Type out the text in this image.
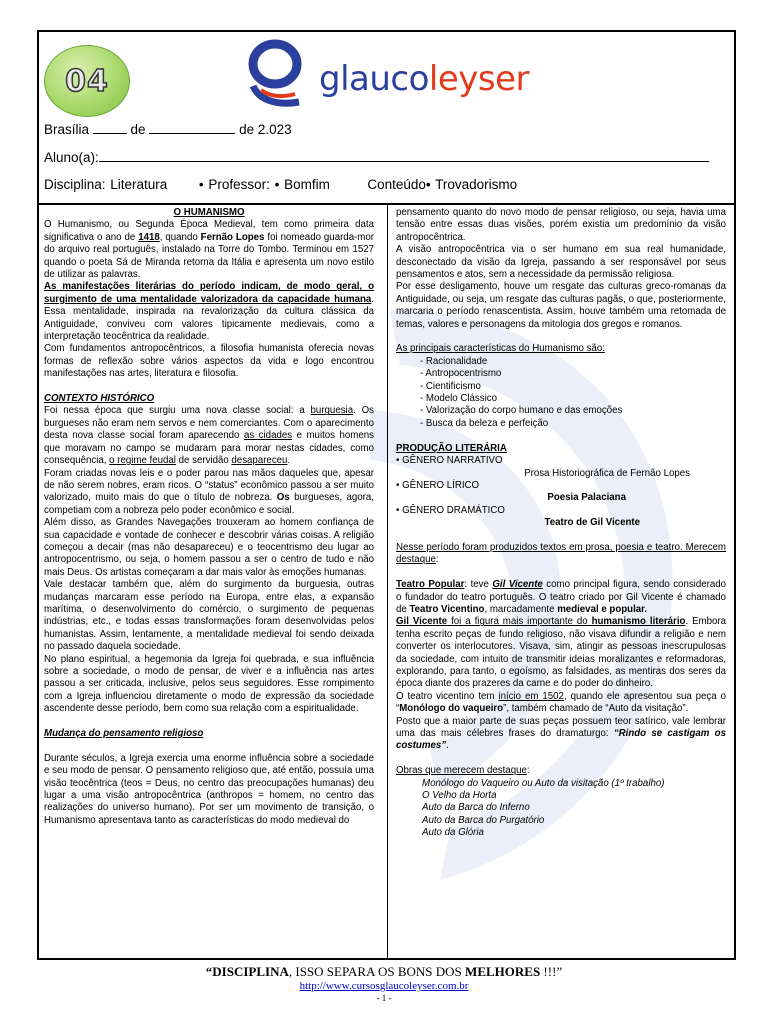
04	glaucoleyser
Brasília	de	de 2.023
Aluno(a):
Disciplina: Literatura • Professor: • Bomfim	Conteúdo• Trovadorismo

O HUMANISMO

O Humanismo, ou Segunda Época Medieval, tem como primeira data significativa o ano de 1418, quando Fernão Lopes foi nomeado guarda-mor do arquivo real português, instalado na Torre do Tombo. Terminou em 1527 quando o poeta Sá de Miranda retorna da Itália e apresenta um novo estilo de utilizar as palavras.

As manifestações literárias do período indicam, de modo geral, o surgimento de uma mentalidade valorizadora da capacidade humana. Essa mentalidade, inspirada na revalorização da cultura clássica da Antiguidade, conviveu com valores tipicamente medievais, como a interpretação teocêntrica da realidade.

Com fundamentos antropocêntricos, a filosofia humanista oferecia novas formas de reflexão sobre vários aspectos da vida e logo encontrou manifestações nas artes, literatura e filosofia.

CONTEXTO HISTÓRICO

Foi nessa época que surgiu uma nova classe social: a burguesia. Os burgueses não eram nem servos e nem comerciantes. Com o aparecimento desta nova classe social foram aparecendo as cidades e muitos homens que moravam no campo se mudaram para morar nestas cidades, como consequência, o regime feudal de servidão desapareceu.

Foram criadas novas leis e o poder parou nas mãos daqueles que, apesar de não serem nobres, eram ricos. O “status” econômico passou a ser muito valorizado, muito mais do que o título de nobreza. Os burgueses, agora, competiam com a nobreza pelo poder econômico e social.

Além disso, as Grandes Navegações trouxeram ao homem confiança de sua capacidade e vontade de conhecer e descobrir várias coisas. A religião começou a decair (mas não desapareceu) e o teocentrismo deu lugar ao antropocentrismo, ou seja, o homem passou a ser o centro de tudo e não mais Deus. Os artistas começaram a dar mais valor às emoções humanas.

Vale destacar também que, além do surgimento da burguesia, outras mudanças marcaram esse período na Europa, entre elas, a expansão marítima, o desenvolvimento do comércio, o surgimento de pequenas indústrias, etc., e todas essas transformações foram desenvolvidas pelos humanistas. Assim, lentamente, a mentalidade medieval foi sendo deixada no passado daquela sociedade.

No plano espiritual, a hegemonia da Igreja foi quebrada, e sua influência sobre a sociedade, o modo de pensar, de viver e a influência nas artes passou a ser criticada, inclusive, pelos seus seguidores. Esse rompimento com a Igreja influenciou diretamente o modo de expressão da sociedade ascendente desse período, bem como sua relação com a espiritualidade.

Mudança do pensamento religioso

Durante séculos, a Igreja exercia uma enorme influência sobre a sociedade e seu modo de pensar. O pensamento religioso que, até então, possuía uma visão teocêntrica (teos = Deus, no centro das preocupações humanas) deu lugar a uma visão antropocêntrica (anthropos = homem, no centro das realizações do universo humano). Por ser um movimento de transição, o Humanismo apresentava tanto as características do modo medieval do

pensamento quanto do novo modo de pensar religioso, ou seja, havia uma tensão entre essas duas visões, porém existia um predomínio da visão antropocêntrica.

A visão antropocêntrica via o ser humano em sua real humanidade, desconectado da visão da Igreja, passando a ser responsável por seus pensamentos e atos, sem a necessidade da permissão religiosa.

Por esse desligamento, houve um resgate das culturas greco-romanas da Antiguidade, ou seja, um resgate das culturas pagãs, o que, posteriormente, marcaria o período renascentista. Assim, houve também uma retomada de temas, valores e personagens da mitologia dos gregos e romanos.

As principais características do Humanismo são:

- Racionalidade

- Antropocentrismo

- Cientificismo

- Modelo Clássico

- Valorização do corpo humano e das emoções

- Busca da beleza e perfeição

PRODUÇÃO LITERÁRIA

• GÊNERO NARRATIVO

Prosa Historiográfica de Fernão Lopes

• GÊNERO LÍRICO

Poesia Palaciana

• GÊNERO DRAMÁTICO

Teatro de Gil Vicente

Nesse período foram produzidos textos em prosa, poesia e teatro. Merecem destaque:

Teatro Popular: teve Gil Vicente como principal figura, sendo considerado o fundador do teatro português. O teatro criado por Gil Vicente é chamado de Teatro Vicentino, marcadamente medieval e popular.

Gil Vicente foi a figura mais importante do humanismo literário. Embora tenha escrito peças de fundo religioso, não visava difundir a religião e nem converter os interlocutores. Visava, sim, atingir as pessoas inescrupulosas da sociedade, com intuito de transmitir ideias moralizantes e reformadoras, explorando, para tanto, o egoísmo, as falsidades, as mentiras dos seres da época diante dos prazeres da carne e do poder do dinheiro.

O teatro vicentino tem início em 1502, quando ele apresentou sua peça o “Monólogo do vaqueiro”, também chamado de “Auto da visitação”.

Posto que a maior parte de suas peças possuem teor satírico, vale lembrar uma das mais célebres frases do dramaturgo: “Rindo se castigam os costumes”.

Obras que merecem destaque:

Monólogo do Vaqueiro ou Auto da visitação (1º trabalho)

O Velho da Horta

Auto da Barca do Inferno

Auto da Barca do Purgatório

Auto da Glória

“DISCIPLINA, ISSO SEPARA OS BONS DOS MELHORES !!!”
http://www.cursosglaucoleyser.com.br
- 1 -
